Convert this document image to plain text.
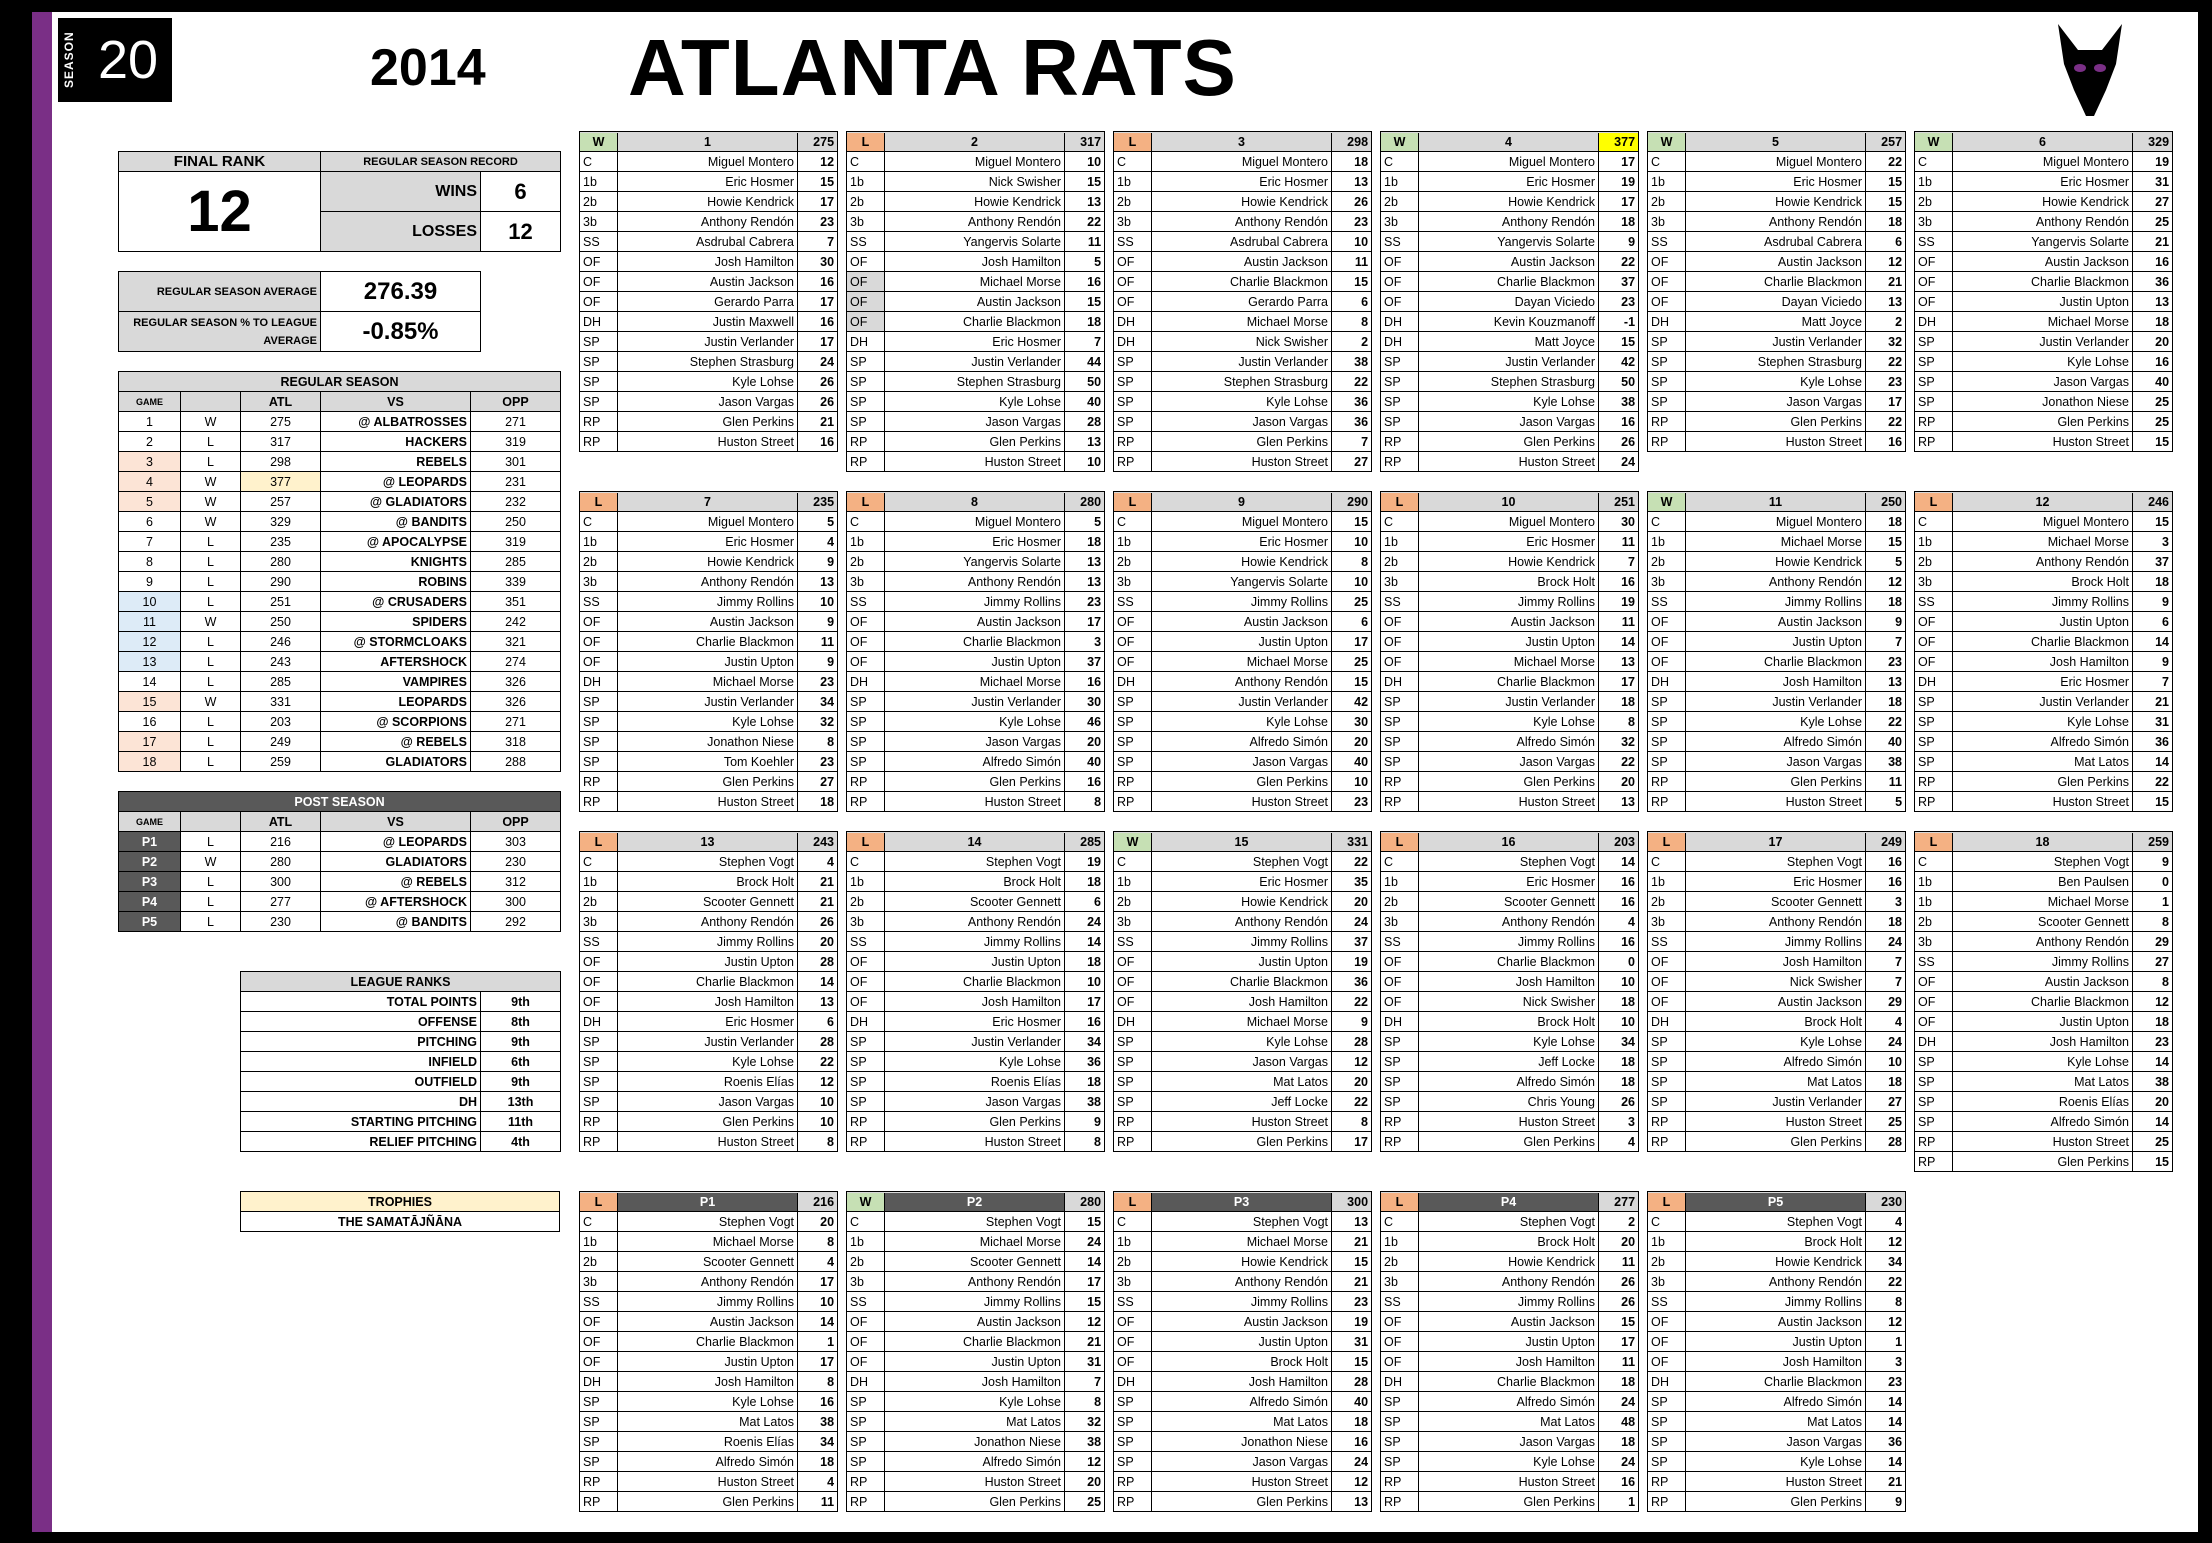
SEASON 20	2014 ATLANTA RATS
FINAL RANK	REGULAR SEASON RECORD	
12	WINS	6
	LOSSES	12
REGULAR SEASON AVERAGE	276.39
REGULAR SEASON % TO LEAGUE AVERAGE	-0.85%
REGULAR SEASON				
GAME		ATL	VS	OPP
1	W	275	@ ALBATROSSES	271
2	L	317	HACKERS	319
3	L	298	REBELS	301
4	W	377	@ LEOPARDS	231
5	W	257	@ GLADIATORS	232
6	W	329	@ BANDITS	250
7	L	235	@ APOCALYPSE	319
8	L	280	KNIGHTS	285
9	L	290	ROBINS	339
10	L	251	@ CRUSADERS	351
11	W	250	SPIDERS	242
12	L	246	@ STORMCLOAKS	321
13	L	243	AFTERSHOCK	274
14	L	285	VAMPIRES	326
15	W	331	LEOPARDS	326
16	L	203	@ SCORPIONS	271
17	L	249	@ REBELS	318
18	L	259	GLADIATORS	288
POST SEASON				
GAME		ATL	VS	OPP
P1	L	216	@ LEOPARDS	303
P2	W	280	GLADIATORS	230
P3	L	300	@ REBELS	312
P4	L	277	@ AFTERSHOCK	300
P5	L	230	@ BANDITS	292
LEAGUE RANKS	
TOTAL POINTS	9th
OFFENSE	8th
PITCHING	9th
INFIELD	6th
OUTFIELD	9th
DH	13th
STARTING PITCHING	11th
RELIEF PITCHING	4th
TROPHIES
THE SAMATĀJÑĀNA
W 1 275		

C	Miguel Montero	12
1b	Eric Hosmer	15
2b	Howie Kendrick	17
3b	Anthony Rendón	23
SS	Asdrubal Cabrera	7
OF	Josh Hamilton	30
OF	Austin Jackson	16
OF	Gerardo Parra	17
DH	Justin Maxwell	16
SP	Justin Verlander	17
SP	Stephen Strasburg	24
SP	Kyle Lohse	26
SP	Jason Vargas	26
RP	Glen Perkins	21
RP	Huston Street	16
L 2 317		

C	Miguel Montero	10
1b	Nick Swisher	15
2b	Howie Kendrick	13
3b	Anthony Rendón	22
SS	Yangervis Solarte	11
OF	Josh Hamilton	5
OF	Michael Morse	16
OF	Austin Jackson	15
OF	Charlie Blackmon	18
DH	Eric Hosmer	7
SP	Justin Verlander	44
SP	Stephen Strasburg	50
SP	Kyle Lohse	40
SP	Jason Vargas	28
RP	Glen Perkins	13
RP	Huston Street	10
L 3 298		

C	Miguel Montero	18
1b	Eric Hosmer	13
2b	Howie Kendrick	26
3b	Anthony Rendón	23
SS	Asdrubal Cabrera	10
OF	Austin Jackson	11
OF	Charlie Blackmon	15
OF	Gerardo Parra	6
DH	Michael Morse	8
DH	Nick Swisher	2
SP	Justin Verlander	38
SP	Stephen Strasburg	22
SP	Kyle Lohse	36
SP	Jason Vargas	36
RP	Glen Perkins	7
RP	Huston Street	27
W 4 377		

C	Miguel Montero	17
1b	Eric Hosmer	19
2b	Howie Kendrick	17
3b	Anthony Rendón	18
SS	Yangervis Solarte	9
OF	Austin Jackson	22
OF	Charlie Blackmon	37
OF	Dayan Viciedo	23
DH	Kevin Kouzmanoff	-1
DH	Matt Joyce	15
SP	Justin Verlander	42
SP	Stephen Strasburg	50
SP	Kyle Lohse	38
SP	Jason Vargas	16
RP	Glen Perkins	26
RP	Huston Street	24
W 5 257		

C	Miguel Montero	22
1b	Eric Hosmer	15
2b	Howie Kendrick	15
3b	Anthony Rendón	18
SS	Asdrubal Cabrera	6
OF	Austin Jackson	12
OF	Charlie Blackmon	21
OF	Dayan Viciedo	13
DH	Matt Joyce	2
SP	Justin Verlander	32
SP	Stephen Strasburg	22
SP	Kyle Lohse	23
SP	Jason Vargas	17
RP	Glen Perkins	22
RP	Huston Street	16
W 6 329		

C	Miguel Montero	19
1b	Eric Hosmer	31
2b	Howie Kendrick	27
3b	Anthony Rendón	25
SS	Yangervis Solarte	21
OF	Austin Jackson	16
OF	Charlie Blackmon	36
OF	Justin Upton	13
DH	Michael Morse	18
SP	Justin Verlander	20
SP	Kyle Lohse	16
SP	Jason Vargas	40
SP	Jonathon Niese	25
RP	Glen Perkins	25
RP	Huston Street	15
L 7 235		

C	Miguel Montero	5
1b	Eric Hosmer	4
2b	Howie Kendrick	9
3b	Anthony Rendón	13
SS	Jimmy Rollins	10
OF	Austin Jackson	9
OF	Charlie Blackmon	11
OF	Justin Upton	9
DH	Michael Morse	23
SP	Justin Verlander	34
SP	Kyle Lohse	32
SP	Jonathon Niese	8
SP	Tom Koehler	23
RP	Glen Perkins	27
RP	Huston Street	18
L 8 280		

C	Miguel Montero	5
1b	Eric Hosmer	18
2b	Yangervis Solarte	13
3b	Anthony Rendón	13
SS	Jimmy Rollins	23
OF	Austin Jackson	17
OF	Charlie Blackmon	3
OF	Justin Upton	37
DH	Michael Morse	16
SP	Justin Verlander	30
SP	Kyle Lohse	46
SP	Jason Vargas	20
SP	Alfredo Simón	40
RP	Glen Perkins	16
RP	Huston Street	8
L 9 290		

C	Miguel Montero	15
1b	Eric Hosmer	10
2b	Howie Kendrick	8
3b	Yangervis Solarte	10
SS	Jimmy Rollins	25
OF	Austin Jackson	6
OF	Justin Upton	17
OF	Michael Morse	25
DH	Anthony Rendón	15
SP	Justin Verlander	42
SP	Kyle Lohse	30
SP	Alfredo Simón	20
SP	Jason Vargas	40
RP	Glen Perkins	10
RP	Huston Street	23
L 10 251		

C	Miguel Montero	30
1b	Eric Hosmer	11
2b	Howie Kendrick	7
3b	Brock Holt	16
SS	Jimmy Rollins	19
OF	Austin Jackson	11
OF	Justin Upton	14
OF	Michael Morse	13
DH	Charlie Blackmon	17
SP	Justin Verlander	18
SP	Kyle Lohse	8
SP	Alfredo Simón	32
SP	Jason Vargas	22
RP	Glen Perkins	20
RP	Huston Street	13
W 11 250		

C	Miguel Montero	18
1b	Michael Morse	15
2b	Howie Kendrick	5
3b	Anthony Rendón	12
SS	Jimmy Rollins	18
OF	Austin Jackson	9
OF	Justin Upton	7
OF	Charlie Blackmon	23
DH	Josh Hamilton	13
SP	Justin Verlander	18
SP	Kyle Lohse	22
SP	Alfredo Simón	40
SP	Jason Vargas	38
RP	Glen Perkins	11
RP	Huston Street	5
L 12 246		

C	Miguel Montero	15
1b	Michael Morse	3
2b	Anthony Rendón	37
3b	Brock Holt	18
SS	Jimmy Rollins	9
OF	Justin Upton	6
OF	Charlie Blackmon	14
OF	Josh Hamilton	9
DH	Eric Hosmer	7
SP	Justin Verlander	21
SP	Kyle Lohse	31
SP	Alfredo Simón	36
SP	Mat Latos	14
RP	Glen Perkins	22
RP	Huston Street	15
L 13 243		

C	Stephen Vogt	4
1b	Brock Holt	21
2b	Scooter Gennett	21
3b	Anthony Rendón	26
SS	Jimmy Rollins	20
OF	Justin Upton	28
OF	Charlie Blackmon	14
OF	Josh Hamilton	13
DH	Eric Hosmer	6
SP	Justin Verlander	28
SP	Kyle Lohse	22
SP	Roenis Elías	12
SP	Jason Vargas	10
RP	Glen Perkins	10
RP	Huston Street	8
L 14 285		

C	Stephen Vogt	19
1b	Brock Holt	18
2b	Scooter Gennett	6
3b	Anthony Rendón	24
SS	Jimmy Rollins	14
OF	Justin Upton	18
OF	Charlie Blackmon	10
OF	Josh Hamilton	17
DH	Eric Hosmer	16
SP	Justin Verlander	34
SP	Kyle Lohse	36
SP	Roenis Elías	18
SP	Jason Vargas	38
RP	Glen Perkins	9
RP	Huston Street	8
W 15 331		

C	Stephen Vogt	22
1b	Eric Hosmer	35
2b	Howie Kendrick	20
3b	Anthony Rendón	24
SS	Jimmy Rollins	37
OF	Justin Upton	19
OF	Charlie Blackmon	36
OF	Josh Hamilton	22
DH	Michael Morse	9
SP	Kyle Lohse	28
SP	Jason Vargas	12
SP	Mat Latos	20
SP	Jeff Locke	22
RP	Huston Street	8
RP	Glen Perkins	17
L 16 203		

C	Stephen Vogt	14
1b	Eric Hosmer	16
2b	Scooter Gennett	16
3b	Anthony Rendón	4
SS	Jimmy Rollins	16
OF	Charlie Blackmon	0
OF	Josh Hamilton	10
OF	Nick Swisher	18
DH	Brock Holt	10
SP	Kyle Lohse	34
SP	Jeff Locke	18
SP	Alfredo Simón	18
SP	Chris Young	26
RP	Huston Street	3
RP	Glen Perkins	4
L 17 249		

C	Stephen Vogt	16
1b	Eric Hosmer	16
2b	Scooter Gennett	3
3b	Anthony Rendón	18
SS	Jimmy Rollins	24
OF	Josh Hamilton	7
OF	Nick Swisher	7
OF	Austin Jackson	29
DH	Brock Holt	4
SP	Kyle Lohse	24
SP	Alfredo Simón	10
SP	Mat Latos	18
SP	Justin Verlander	27
RP	Huston Street	25
RP	Glen Perkins	28
L 18 259		

C	Stephen Vogt	9
1b	Ben Paulsen	0
1b	Michael Morse	1
2b	Scooter Gennett	8
3b	Anthony Rendón	29
SS	Jimmy Rollins	27
OF	Austin Jackson	8
OF	Charlie Blackmon	12
OF	Justin Upton	18
DH	Josh Hamilton	23
SP	Kyle Lohse	14
SP	Mat Latos	38
SP	Roenis Elías	20
SP	Alfredo Simón	14
RP	Huston Street	25
RP	Glen Perkins	15
L P1 216		

C	Stephen Vogt	20
1b	Michael Morse	8
2b	Scooter Gennett	4
3b	Anthony Rendón	17
SS	Jimmy Rollins	10
OF	Austin Jackson	14
OF	Charlie Blackmon	1
OF	Justin Upton	17
DH	Josh Hamilton	8
SP	Kyle Lohse	16
SP	Mat Latos	38
SP	Roenis Elías	34
SP	Alfredo Simón	18
RP	Huston Street	4
RP	Glen Perkins	11
W P2 280		

C	Stephen Vogt	15
1b	Michael Morse	24
2b	Scooter Gennett	14
3b	Anthony Rendón	17
SS	Jimmy Rollins	15
OF	Austin Jackson	12
OF	Charlie Blackmon	21
OF	Justin Upton	31
DH	Josh Hamilton	7
SP	Kyle Lohse	8
SP	Mat Latos	32
SP	Jonathon Niese	38
SP	Alfredo Simón	12
RP	Huston Street	20
RP	Glen Perkins	25
L P3 300		

C	Stephen Vogt	13
1b	Michael Morse	21
2b	Howie Kendrick	15
3b	Anthony Rendón	21
SS	Jimmy Rollins	23
OF	Austin Jackson	19
OF	Justin Upton	31
OF	Brock Holt	15
DH	Josh Hamilton	28
SP	Alfredo Simón	40
SP	Mat Latos	18
SP	Jonathon Niese	16
SP	Jason Vargas	24
RP	Huston Street	12
RP	Glen Perkins	13
L P4 277		

C	Stephen Vogt	2
1b	Brock Holt	20
2b	Howie Kendrick	11
3b	Anthony Rendón	26
SS	Jimmy Rollins	26
OF	Austin Jackson	15
OF	Justin Upton	17
OF	Josh Hamilton	11
DH	Charlie Blackmon	18
SP	Alfredo Simón	24
SP	Mat Latos	48
SP	Jason Vargas	18
SP	Kyle Lohse	24
RP	Huston Street	16
RP	Glen Perkins	1
L P5 230		

C	Stephen Vogt	4
1b	Brock Holt	12
2b	Howie Kendrick	34
3b	Anthony Rendón	22
SS	Jimmy Rollins	8
OF	Austin Jackson	12
OF	Justin Upton	1
OF	Josh Hamilton	3
DH	Charlie Blackmon	23
SP	Alfredo Simón	14
SP	Mat Latos	14
SP	Jason Vargas	36
SP	Kyle Lohse	14
RP	Huston Street	21
RP	Glen Perkins	9
